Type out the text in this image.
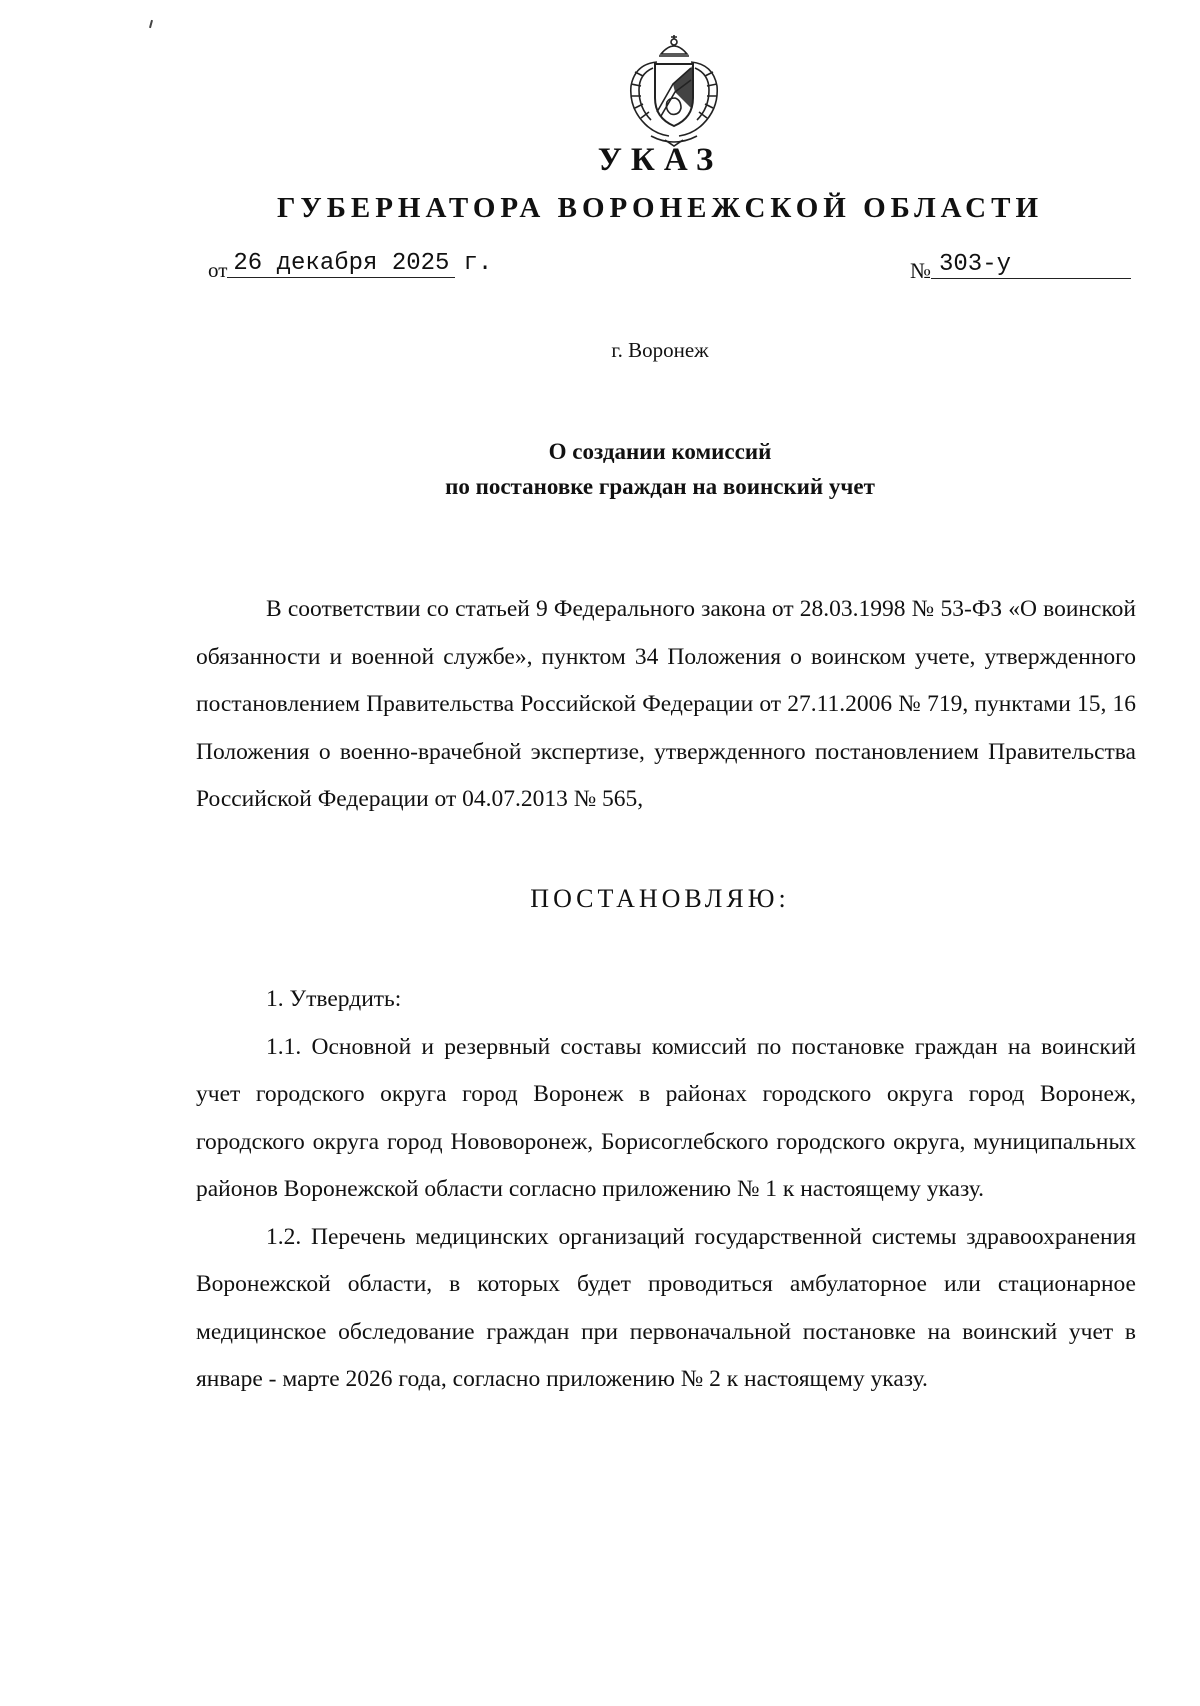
УКАЗ
ГУБЕРНАТОРА ВОРОНЕЖСКОЙ ОБЛАСТИ
от 26 декабря 2025 г.	№ 303-у
г. Воронеж
О создании комиссий
по постановке граждан на воинский учет

В соответствии со статьей 9 Федерального закона от 28.03.1998 № 53-ФЗ «О воинской обязанности и военной службе», пунктом 34 Положения о воинском учете, утвержденного постановлением Правительства Российской Федерации от 27.11.2006 № 719, пунктами 15, 16 Положения о военно-врачебной экспертизе, утвержденного постановлением Правительства Российской Федерации от 04.07.2013 № 565,

ПОСТАНОВЛЯЮ:

1. Утвердить:

1.1. Основной и резервный составы комиссий по постановке граждан на воинский учет городского округа город Воронеж в районах городского округа город Воронеж, городского округа город Нововоронеж, Борисоглебского городского округа, муниципальных районов Воронежской области согласно приложению № 1 к настоящему указу.

1.2. Перечень медицинских организаций государственной системы здравоохранения Воронежской области, в которых будет проводиться амбулаторное или стационарное медицинское обследование граждан при первоначальной постановке на воинский учет в январе - марте 2026 года, согласно приложению № 2 к настоящему указу.
